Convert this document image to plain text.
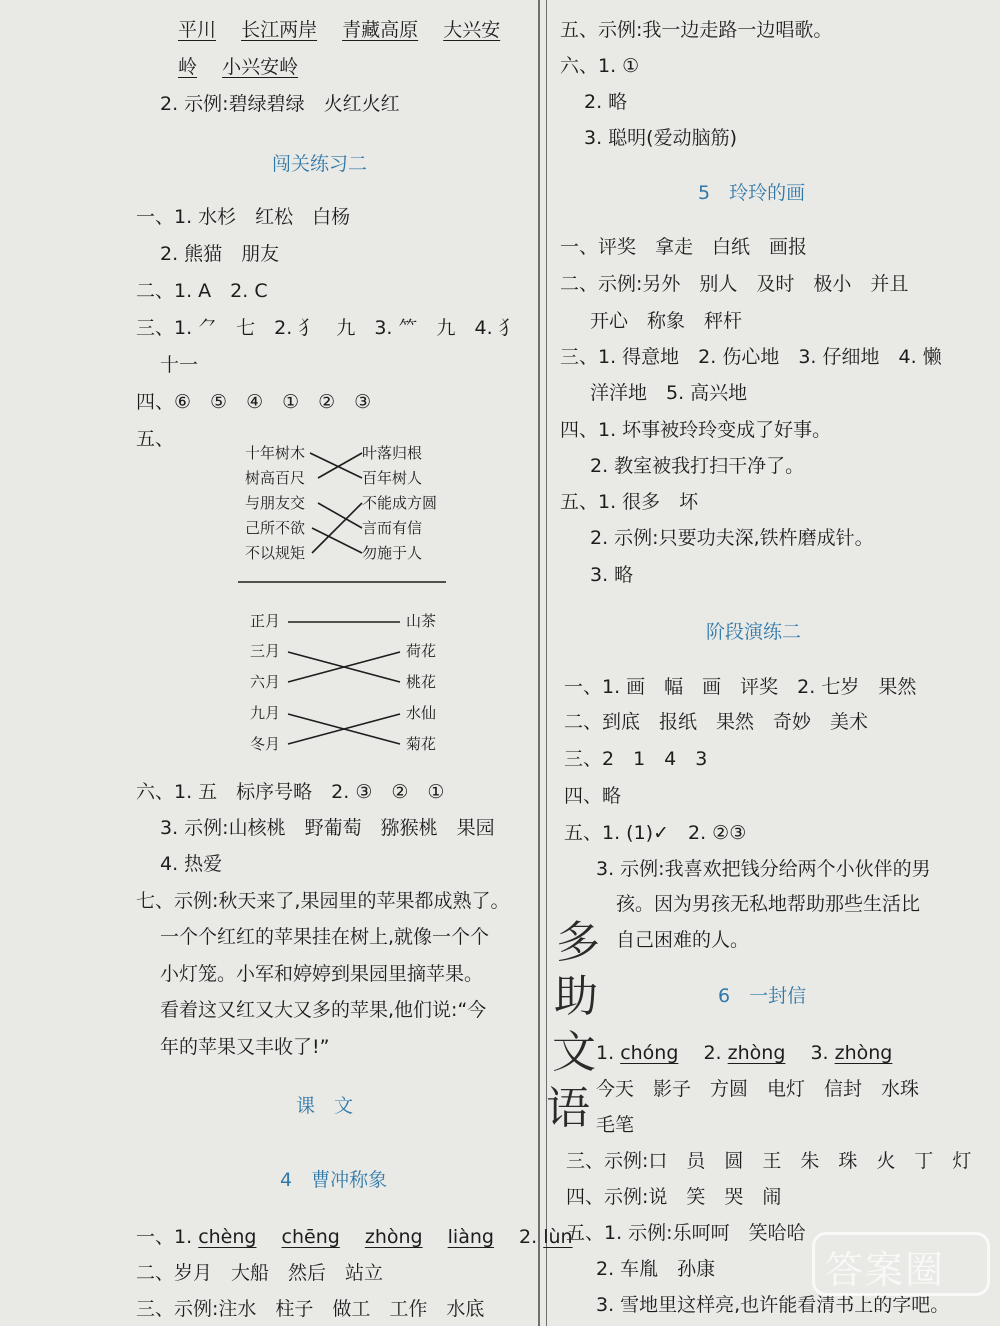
平川　 长江两岸　 青藏高原　 大兴安
岭　 小兴安岭
2. 示例:碧绿碧绿　火红火红
闯关练习二
一、1. 水杉　红松　白杨
2. 熊猫　朋友
二、1. A　2. C
三、1. ⺈　七　2. 犭　九　3. ⺮　九　4. 犭
十一
四、⑥　⑤　④　①　②　③
五、
十年树木
树高百尺
与朋友交
己所不欲
不以规矩
叶落归根
百年树人
不能成方圆
言而有信
勿施于人
正月
三月
六月
九月
冬月
山茶
荷花
桃花
水仙
菊花
六、1. 五　标序号略　2. ③　②　①
3. 示例:山核桃　野葡萄　猕猴桃　果园
4. 热爱
七、示例:秋天来了,果园里的苹果都成熟了。
一个个红红的苹果挂在树上,就像一个个
小灯笼。小军和婷婷到果园里摘苹果。
看着这又红又大又多的苹果,他们说:“今
年的苹果又丰收了!”
课　文
4　曹冲称象
一、1. chèng　 chēng　 zhòng　 liàng　 2. lùn
二、岁月　大船　然后　站立
三、示例:注水　柱子　做工　工作　水底
五、示例:我一边走路一边唱歌。
六、1. ①
2. 略
3. 聪明(爱动脑筋)
5　玲玲的画
一、评奖　拿走　白纸　画报
二、示例:另外　别人　及时　极小　并且
开心　称象　秤杆
三、1. 得意地　2. 伤心地　3. 仔细地　4. 懒
洋洋地　5. 高兴地
四、1. 坏事被玲玲变成了好事。
2. 教室被我打扫干净了。
五、1. 很多　坏
2. 示例:只要功夫深,铁杵磨成针。
3. 略
阶段演练二
一、1. 画　幅　画　评奖　2. 七岁　果然
二、到底　报纸　果然　奇妙　美术
三、2　1　4　3
四、略
五、1. (1)✓　2. ②③
3. 示例:我喜欢把钱分给两个小伙伴的男
孩。因为男孩无私地帮助那些生活比
自己困难的人。
6　一封信
1. chóng　 2. zhòng　 3. zhòng
今天　影子　方圆　电灯　信封　水珠
毛笔
三、示例:口　员　圆　王　朱　珠　火　丁　灯
四、示例:说　笑　哭　闹
五、1. 示例:乐呵呵　笑哈哈
2. 车胤　孙康
3. 雪地里这样亮,也许能看清书上的字吧。
多
助
文
语
答案圈
